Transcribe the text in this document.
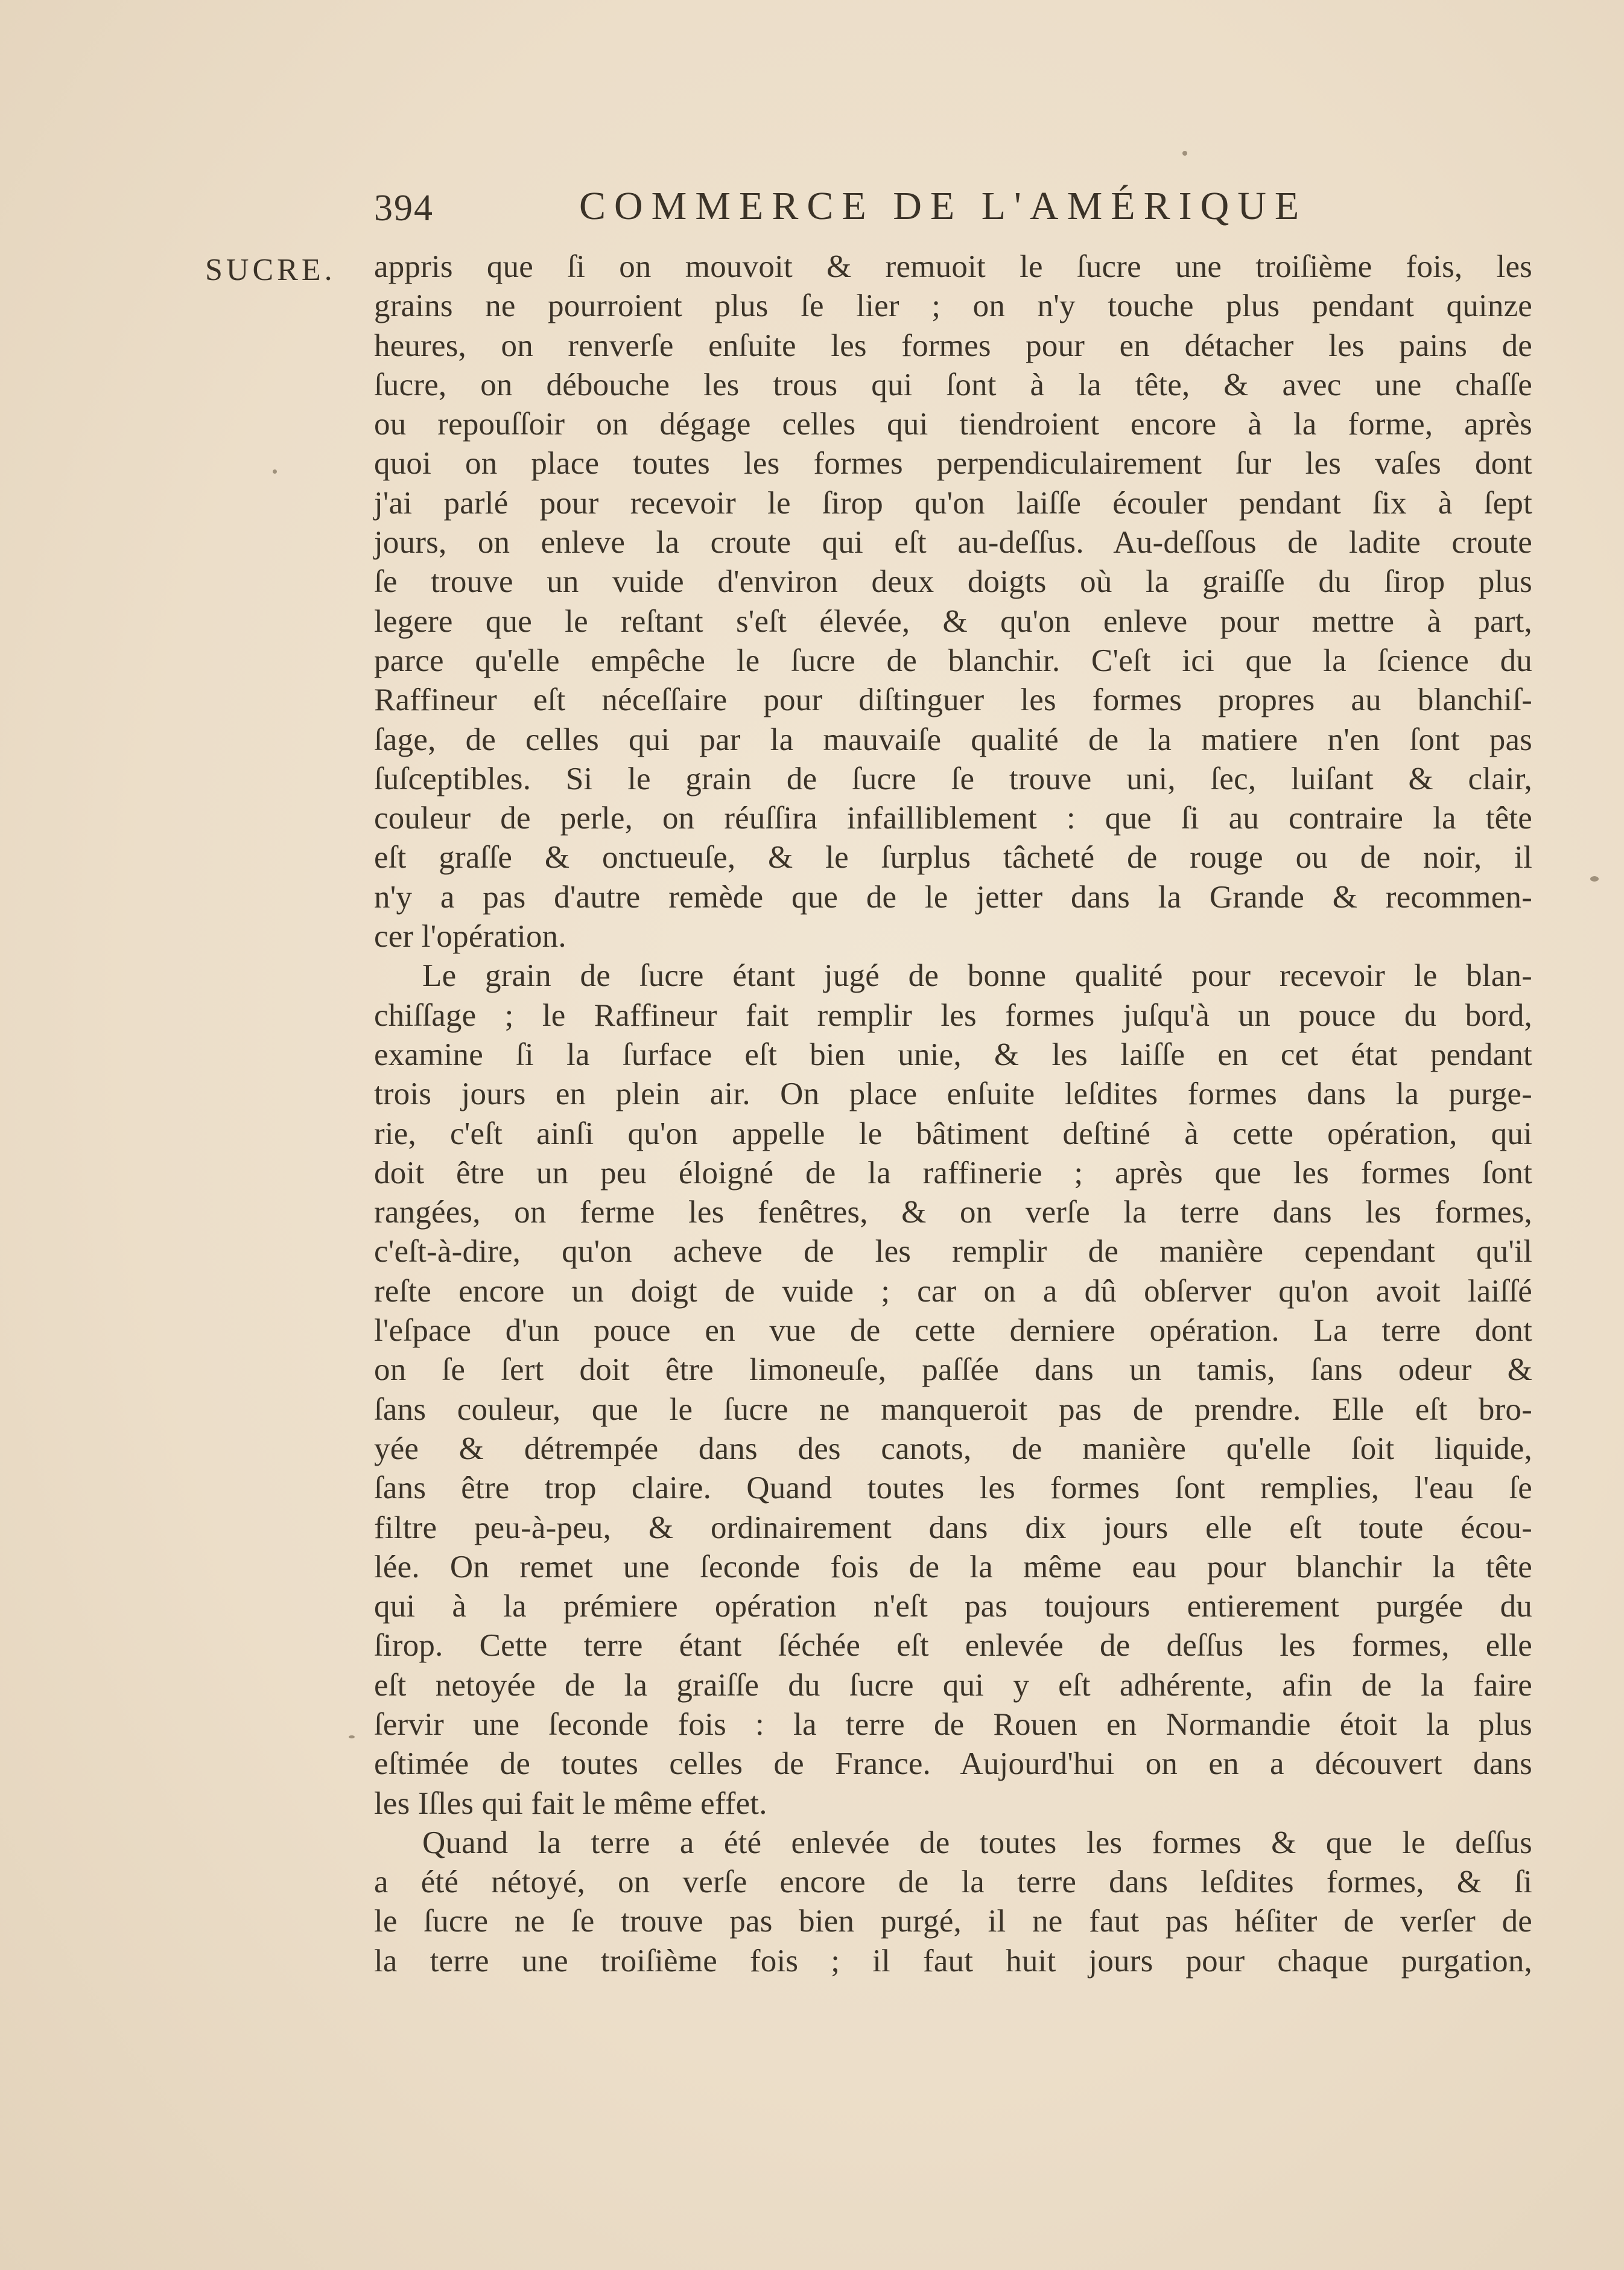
394	COMMERCE DE L'AMÉRIQUE
SUCRE. appris que ſi on mouvoit & remuoit le ſucre une troiſième fois, les
grains ne pourroient plus ſe lier ; on n'y touche plus pendant quinze
heures, on renverſe enſuite les formes pour en détacher les pains de
ſucre, on débouche les trous qui ſont à la tête, & avec une chaſſe
ou repouſſoir on dégage celles qui tiendroient encore à la forme, après
quoi on place toutes les formes perpendiculairement ſur les vaſes dont
j'ai parlé pour recevoir le ſirop qu'on laiſſe écouler pendant ſix à ſept
jours, on enleve la croute qui eſt au-deſſus. Au-deſſous de ladite croute
ſe trouve un vuide d'environ deux doigts où la graiſſe du ſirop plus
legere que le reſtant s'eſt élevée, & qu'on enleve pour mettre à part,
parce qu'elle empêche le ſucre de blanchir. C'eſt ici que la ſcience du
Raffineur eſt néceſſaire pour diſtinguer les formes propres au blanchiſ-
ſage, de celles qui par la mauvaiſe qualité de la matiere n'en ſont pas
ſuſceptibles. Si le grain de ſucre ſe trouve uni, ſec, luiſant & clair,
couleur de perle, on réuſſira infailliblement : que ſi au contraire la tête
eſt graſſe & onctueuſe, & le ſurplus tâcheté de rouge ou de noir, il
n'y a pas d'autre remède que de le jetter dans la Grande & recommen-
cer l'opération.
Le grain de ſucre étant jugé de bonne qualité pour recevoir le blan-
chiſſage ; le Raffineur fait remplir les formes juſqu'à un pouce du bord,
examine ſi la ſurface eſt bien unie, & les laiſſe en cet état pendant
trois jours en plein air. On place enſuite leſdites formes dans la purge-
rie, c'eſt ainſi qu'on appelle le bâtiment deſtiné à cette opération, qui
doit être un peu éloigné de la raffinerie ; après que les formes ſont
rangées, on ferme les fenêtres, & on verſe la terre dans les formes,
c'eſt-à-dire, qu'on acheve de les remplir de manière cependant qu'il
reſte encore un doigt de vuide ; car on a dû obſerver qu'on avoit laiſſé
l'eſpace d'un pouce en vue de cette derniere opération. La terre dont
on ſe ſert doit être limoneuſe, paſſée dans un tamis, ſans odeur &
ſans couleur, que le ſucre ne manqueroit pas de prendre. Elle eſt bro-
yée & détrempée dans des canots, de manière qu'elle ſoit liquide,
ſans être trop claire. Quand toutes les formes ſont remplies, l'eau ſe
filtre peu-à-peu, & ordinairement dans dix jours elle eſt toute écou-
lée. On remet une ſeconde fois de la même eau pour blanchir la tête
qui à la prémiere opération n'eſt pas toujours entierement purgée du
ſirop. Cette terre étant ſéchée eſt enlevée de deſſus les formes, elle
eſt netoyée de la graiſſe du ſucre qui y eſt adhérente, afin de la faire
ſervir une ſeconde fois : la terre de Rouen en Normandie étoit la plus
eſtimée de toutes celles de France. Aujourd'hui on en a découvert dans
les Iſles qui fait le même effet.
Quand la terre a été enlevée de toutes les formes & que le deſſus
a été nétoyé, on verſe encore de la terre dans leſdites formes, & ſi
le ſucre ne ſe trouve pas bien purgé, il ne faut pas héſiter de verſer de
la terre une troiſième fois ; il faut huit jours pour chaque purgation,
